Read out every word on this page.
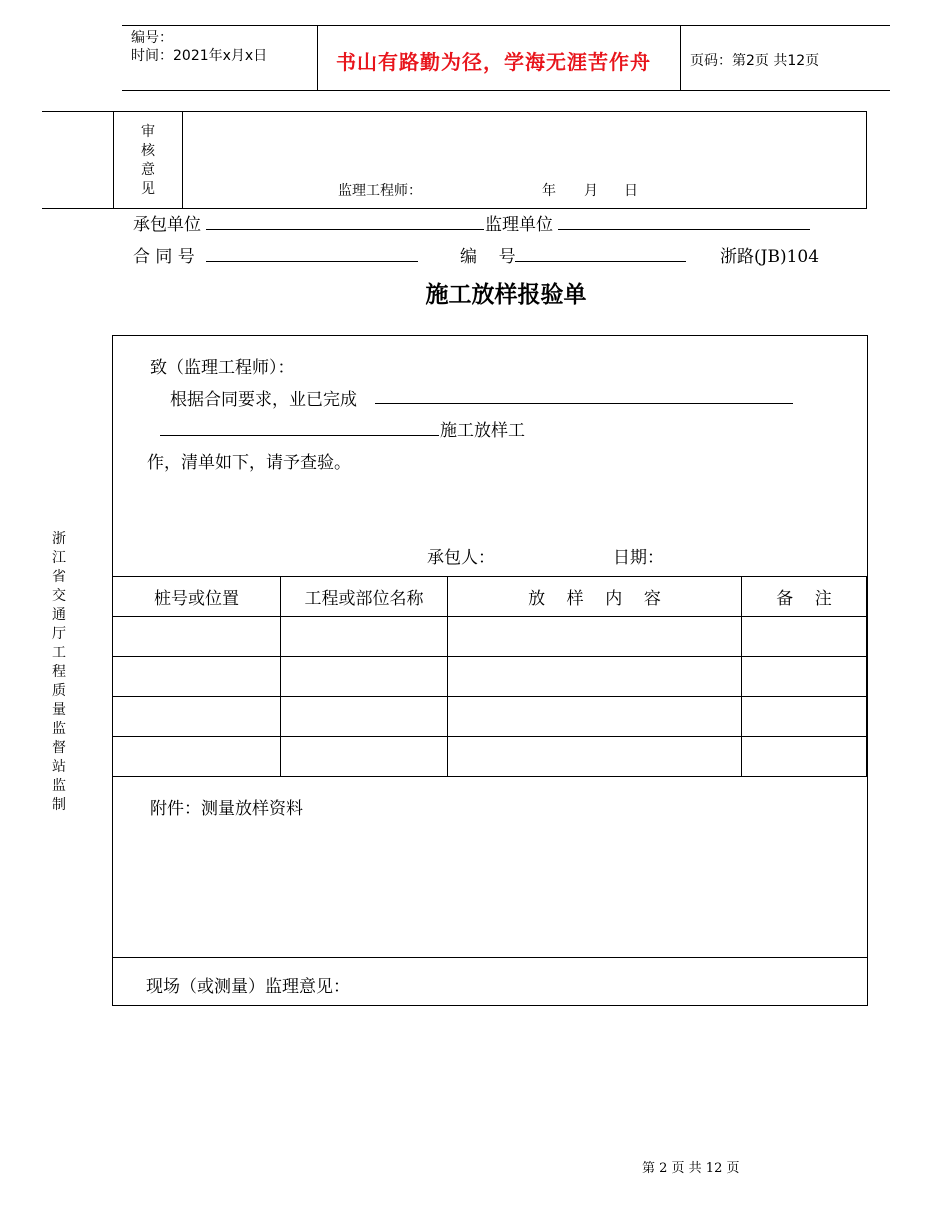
编号：
时间：2021年x月x日	书山有路勤为径，学海无涯苦作舟	页码：第2页 共12页
审
核
意
见	监理工程师：	年 月 日
承包单位	监理单位
合 同 号	编    号	浙路(JB)104
施工放样报验单
致（监理工程师）：
根据合同要求，业已完成
施工放样工
作，清单如下，请予查验。
承包人：	日期：
桩号或位置	工程或部位名称	放    样    内    容	备    注

附件：测量放样资料
现场（或测量）监理意见：
浙
江
省
交
通
厅
工
程
质
量
监
督
站
监
制
第 2 页 共 12 页
